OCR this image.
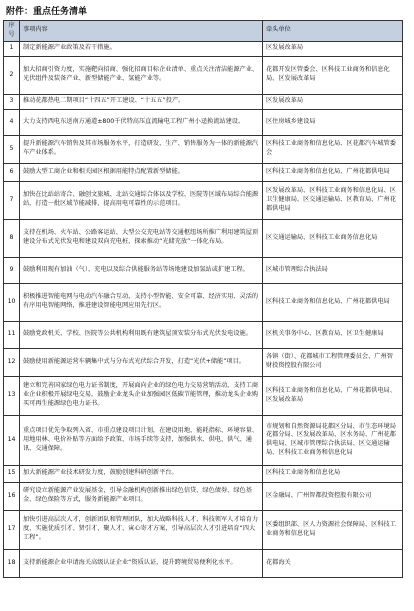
附件：重点任务清单
序号	事项内容	牵头单位
1	制定新能源产业政策及若干措施。	区发展改革局
2	加大招商引资力度，实施靶向招商、强化招商目标企业清单、重点关注清洁能源产业、光伏组件及装备产业、新型储能产业、氢能产业等。	花都开发区管委会、区科技工业商务和信息化局、区发展改革局
3	推动花都热电二期项目“十四五”开工建设、“十五五”投产。	区发展改革局
4	大力支持西电东送南方通道±800千伏特高压直流输电工程广州小迳换流站建设。	区住房城乡建设局
5	提升新能源汽车销售及其市场服务水平，打造研发、生产、销售服务为一体的新能源汽车产业体系。	区科技工业商务和信息化局、区花都汽车城管委会
6	鼓励大型工商企业和相关园区根据用能特点配置新型储能。	区科技工业商务和信息化局、广州花都供电局
7	加快在比站站寄合、融创文旅城、北站交通综合体以及学校、医院等区域布局综合能源站，打造一批区域节能减排、提高用电可靠性的示范项目。	区发展改革局、区科技工业商务和信息化局、区卫生健康局、区交通运输局、区教育局、广州花都供电局
8	支持在机场、火车站、公路客运站、大型公交充电站等交通枢纽场所推广利用建筑屋顶建设分布式光伏发电和建设双向充电桩，探索推动“光储充放”一体化布局。	区交通运输局、区科技工业商务信息化局
9	鼓励利用现有加油（气）、充电以及综合供能服务站等场地建设加氢站或扩建工程。	区城市管理综合执法局
10	积极推进智能电网与电动汽车融合互动，支持小型智能、安全可靠、经济实用、灵活的有序用电智能网络，推进建设智能电网应用先行区。	区科技工业商务和信息化局、广州花都供电局
11	鼓励党政机关、学校、医院等公共机构利用既有建筑屋顶安装分布式光伏发电设施。	区机关事务中心、区教育局、区卫生健康局
12	鼓励使用新能源运营车辆集中式与分布式光伏综合开发，打造“光伏+储能”项目。	各镇（街）、花都城市工程管理委员会、广州智财投资控股有限公司
13	建立和完善国家绿色电力证书制度，开展面向企业的绿色电力交易营销活动，支持工商业企业积极开展绿电交易，鼓励企业龙头企业加强园区低碳节能管理，推动龙头企业购买可再生能源绿色电力证书。	区科技工业商务和信息化局、广州花都供电局、区发展改革局
14	重点项目优先争取列入省、市重点建设项目计划，在建设用地、能耗指标、环境容量、用地用林、电价补贴等方面给予政策、市场手续等支持，加强供水、供电、供气、通讯、交通保障。	市规划和自然资源局花都区分局、市生态环境局花都分局、区发展改革局、区水务局、广州花都供电局、区城市管理综合执法局、区交通运输局、区科技工业商务和信息化局
15	加大新能源产业技术研发力度，鼓励创建科研创新平台。	区科技工业商务和信息化局
16	研究设立新能源产业发展基金，引导金融机构创新推出绿色信贷、绿色债券、绿色基金、绿色保险等方式，服务新能源产业项目。	区金融局、广州智都投资控股有限公司
17	加快引进高层次人才，创新团队和管理团队，加大战略科技人才、科技领军人才培育力度，实施优质引才、贤引才、聚人才、寅心寄才方案，引导高层次人才引进培育“四大工程”。	区委组织部、区人力资源社会保障局、区科技工业商务和信息化局
18	支持新能源企业申请海关高级认证企业“资质认证，提升跨境贸易便利化水平。	花都海关
